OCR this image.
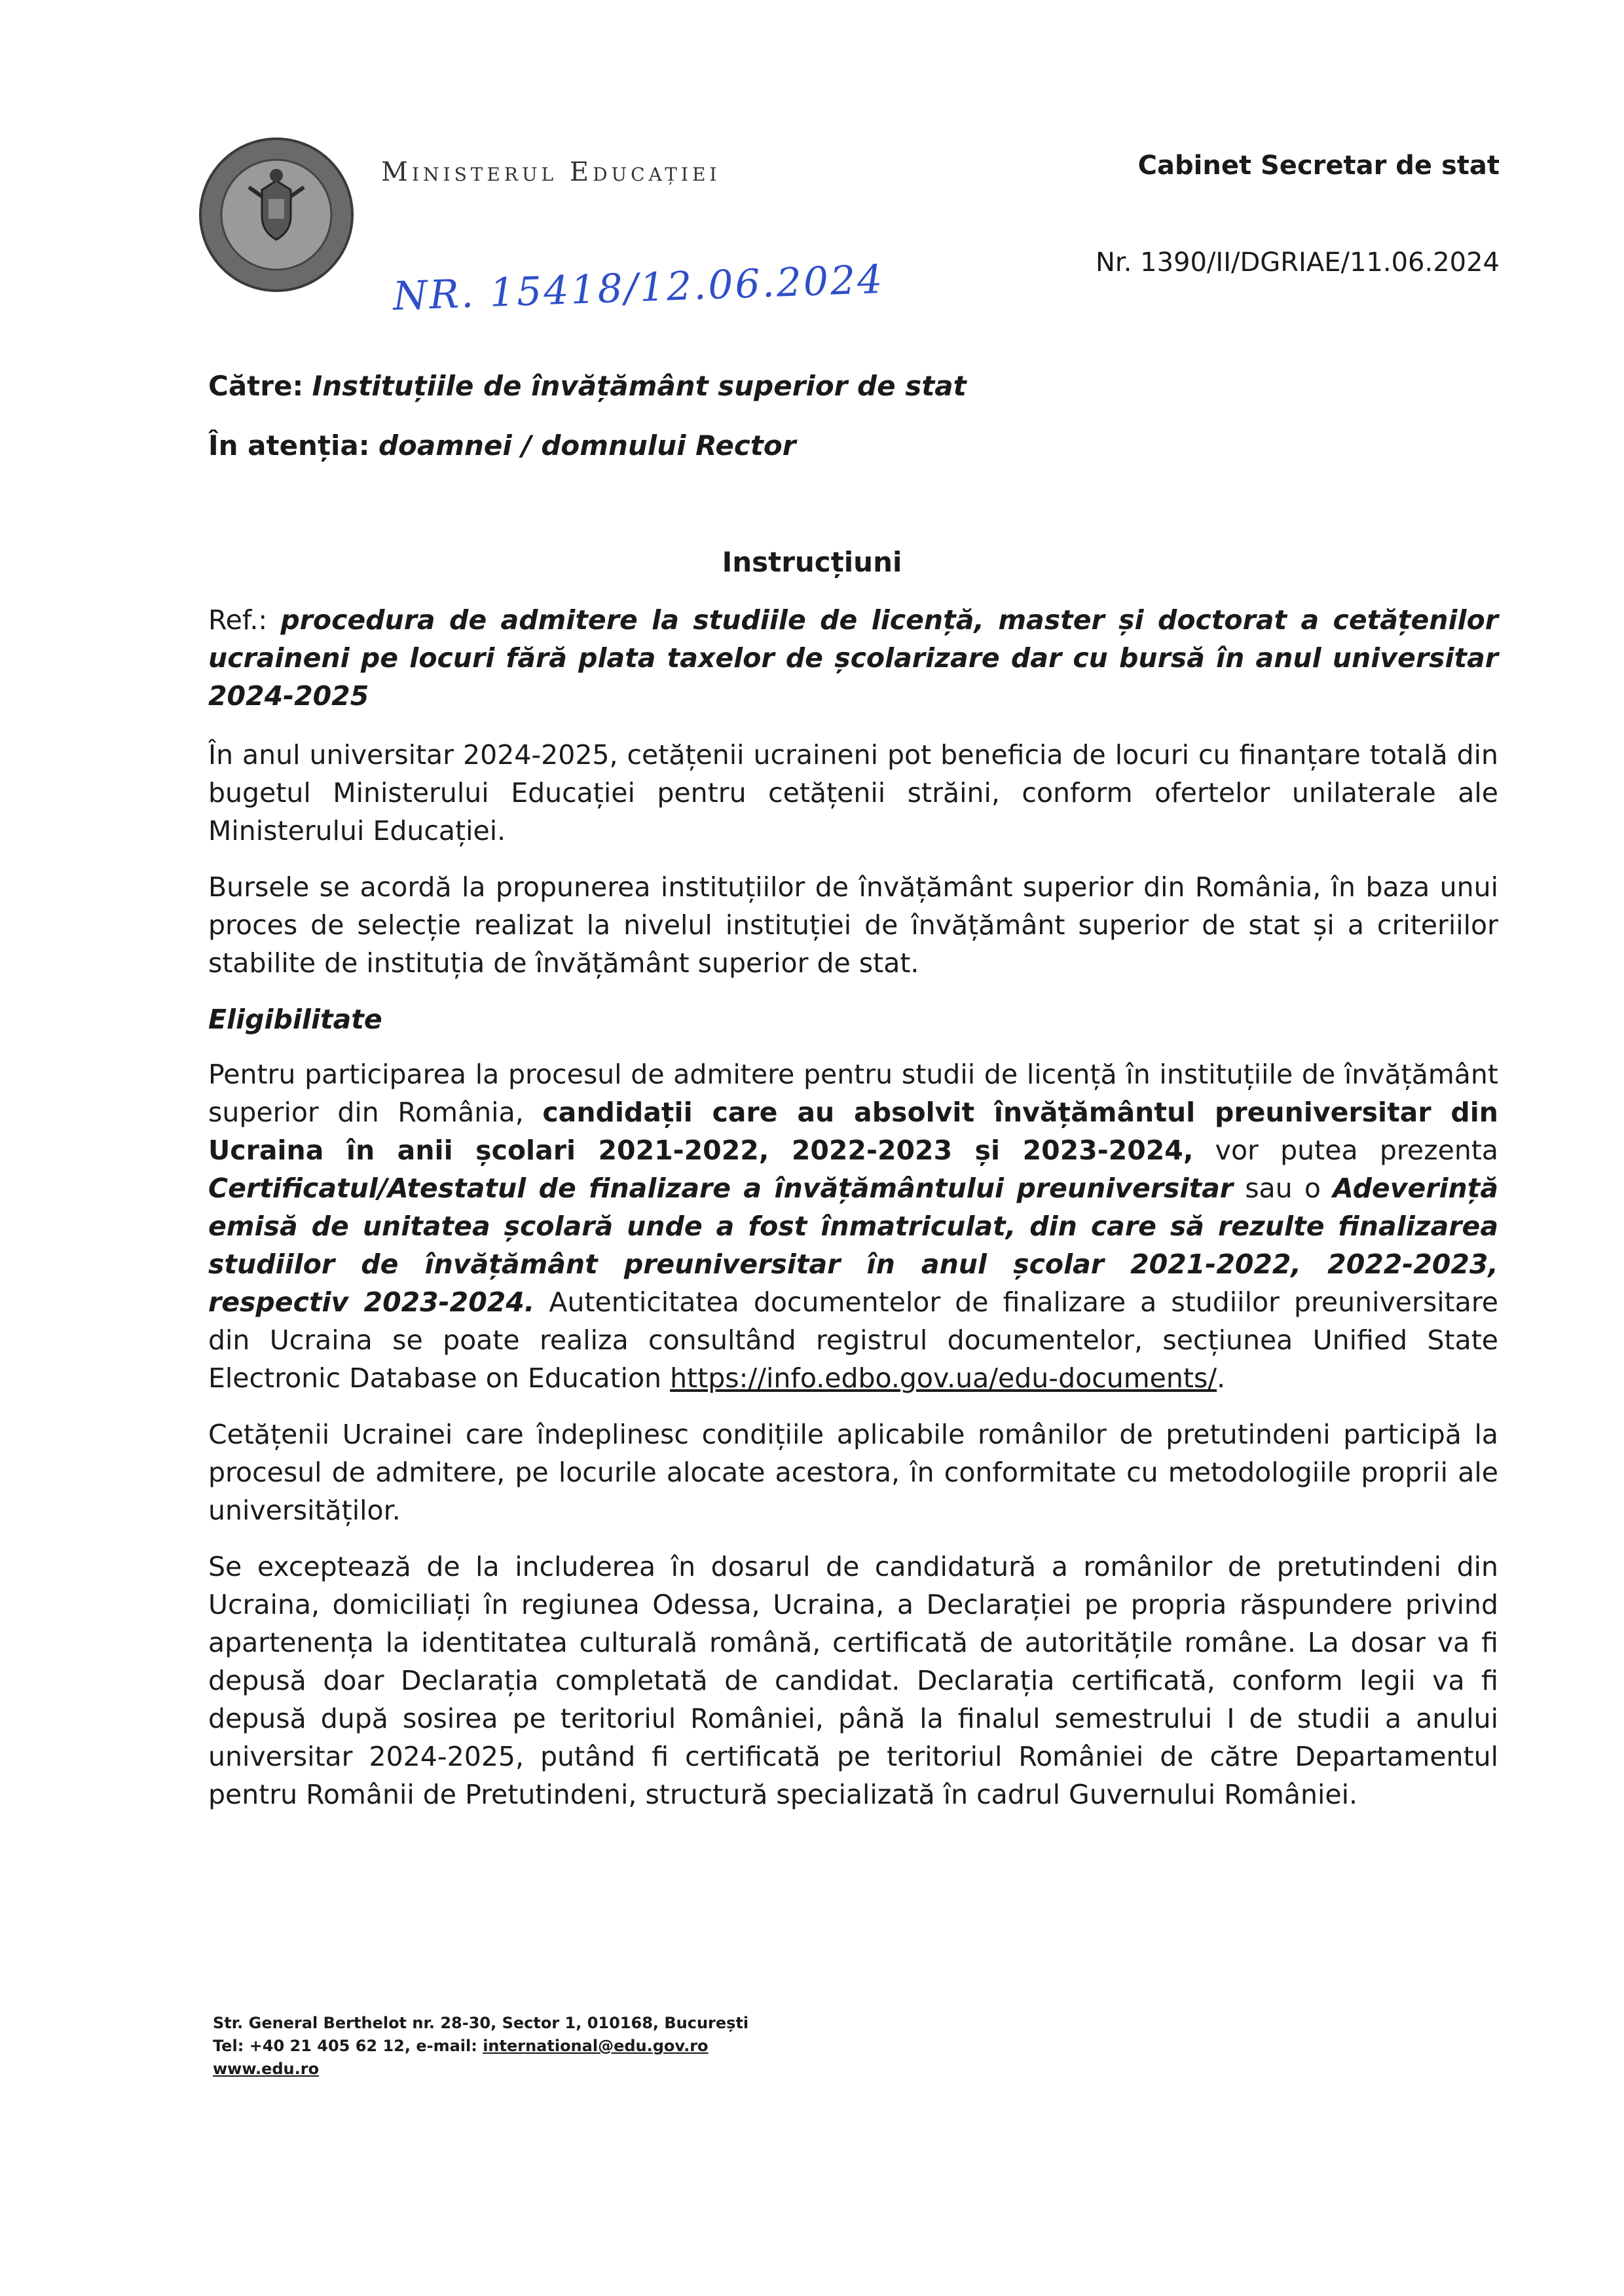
Ministerul Educației	Cabinet Secretar de stat
Nr. 1390/II/DGRIAE/11.06.2024
NR. 15418/12.06.2024
Către: Instituțiile de învățământ superior de stat
În atenția: doamnei / domnului Rector
Instrucțiuni

Ref.: procedura de admitere la studiile de licență, master și doctorat a cetățenilor ucraineni pe locuri fără plata taxelor de școlarizare dar cu bursă în anul universitar 2024-2025

În anul universitar 2024-2025, cetățenii ucraineni pot beneficia de locuri cu finanțare totală din bugetul Ministerului Educației pentru cetățenii străini, conform ofertelor unilaterale ale Ministerului Educației.

Bursele se acordă la propunerea instituțiilor de învățământ superior din România, în baza unui proces de selecție realizat la nivelul instituției de învățământ superior de stat și a criteriilor stabilite de instituția de învățământ superior de stat.

Eligibilitate

Pentru participarea la procesul de admitere pentru studii de licență în instituțiile de învățământ superior din România, candidații care au absolvit învățământul preuniversitar din Ucraina în anii școlari 2021-2022, 2022-2023 și 2023-2024, vor putea prezenta Certificatul/Atestatul de finalizare a învățământului preuniversitar sau o Adeverință emisă de unitatea școlară unde a fost înmatriculat, din care să rezulte finalizarea studiilor de învățământ preuniversitar în anul școlar 2021-2022, 2022-2023, respectiv 2023-2024. Autenticitatea documentelor de finalizare a studiilor preuniversitare din Ucraina se poate realiza consultând registrul documentelor, secțiunea Unified State Electronic Database on Education https://info.edbo.gov.ua/edu-documents/.

Cetățenii Ucrainei care îndeplinesc condițiile aplicabile românilor de pretutindeni participă la procesul de admitere, pe locurile alocate acestora, în conformitate cu metodologiile proprii ale universităților.

Se exceptează de la includerea în dosarul de candidatură a românilor de pretutindeni din Ucraina, domiciliați în regiunea Odessa, Ucraina, a Declarației pe propria răspundere privind apartenența la identitatea culturală română, certificată de autoritățile române. La dosar va fi depusă doar Declarația completată de candidat. Declarația certificată, conform legii va fi depusă după sosirea pe teritoriul României, până la finalul semestrului I de studii a anului universitar 2024-2025, putând fi certificată pe teritoriul României de către Departamentul pentru Românii de Pretutindeni, structură specializată în cadrul Guvernului României.

Str. General Berthelot nr. 28-30, Sector 1, 010168, București
Tel: +40 21 405 62 12, e-mail: international@edu.gov.ro
www.edu.ro
